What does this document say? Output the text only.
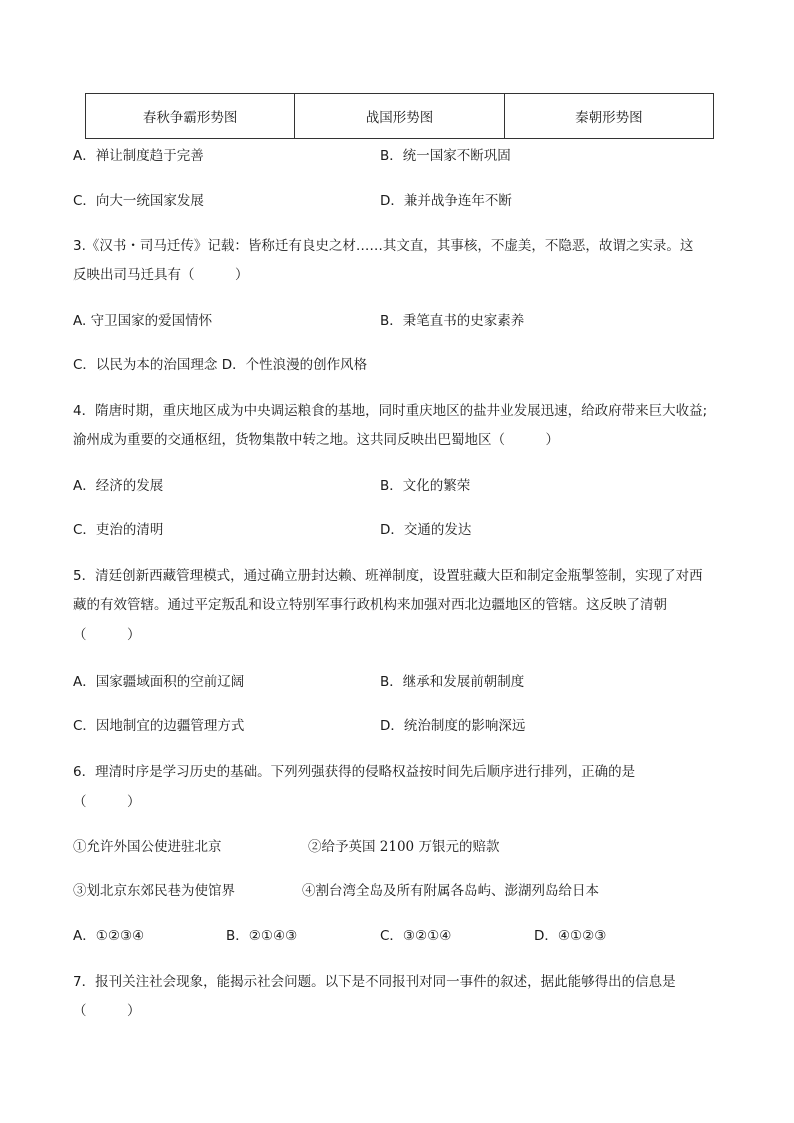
春秋争霸形势图	战国形势图	秦朝形势图
A．禅让制度趋于完善	B．统一国家不断巩固
C．向大一统国家发展	D．兼并战争连年不断
3.《汉书・司马迁传》记载：皆称迁有良史之材……其文直，其事核，不虚美，不隐恶，故谓之实录。这
反映出司马迁具有（　　　）
A. 守卫国家的爱国情怀	B．秉笔直书的史家素养
C．以民为本的治国理念 D．个性浪漫的创作风格
4．隋唐时期，重庆地区成为中央调运粮食的基地，同时重庆地区的盐井业发展迅速，给政府带来巨大收益;
渝州成为重要的交通枢纽，货物集散中转之地。这共同反映出巴蜀地区（　　　）
A．经济的发展	B．文化的繁荣
C．吏治的清明	D．交通的发达
5．清廷创新西藏管理模式，通过确立册封达赖、班禅制度，设置驻藏大臣和制定金瓶掣签制，实现了对西
藏的有效管辖。通过平定叛乱和设立特别军事行政机构来加强对西北边疆地区的管辖。这反映了清朝
（　　　）
A．国家疆域面积的空前辽阔	B．继承和发展前朝制度
C．因地制宜的边疆管理方式	D．统治制度的影响深远
6．理清时序是学习历史的基础。下列列强获得的侵略权益按时间先后顺序进行排列，正确的是
（　　　）
①允许外国公使进驻北京	②给予英国 2100 万银元的赔款
③划北京东郊民巷为使馆界	④割台湾全岛及所有附属各岛屿、澎湖列岛给日本
A．①②③④	B．②①④③	C．③②①④	D．④①②③
7．报刊关注社会现象，能揭示社会问题。以下是不同报刊对同一事件的叙述，据此能够得出的信息是
（　　　）
